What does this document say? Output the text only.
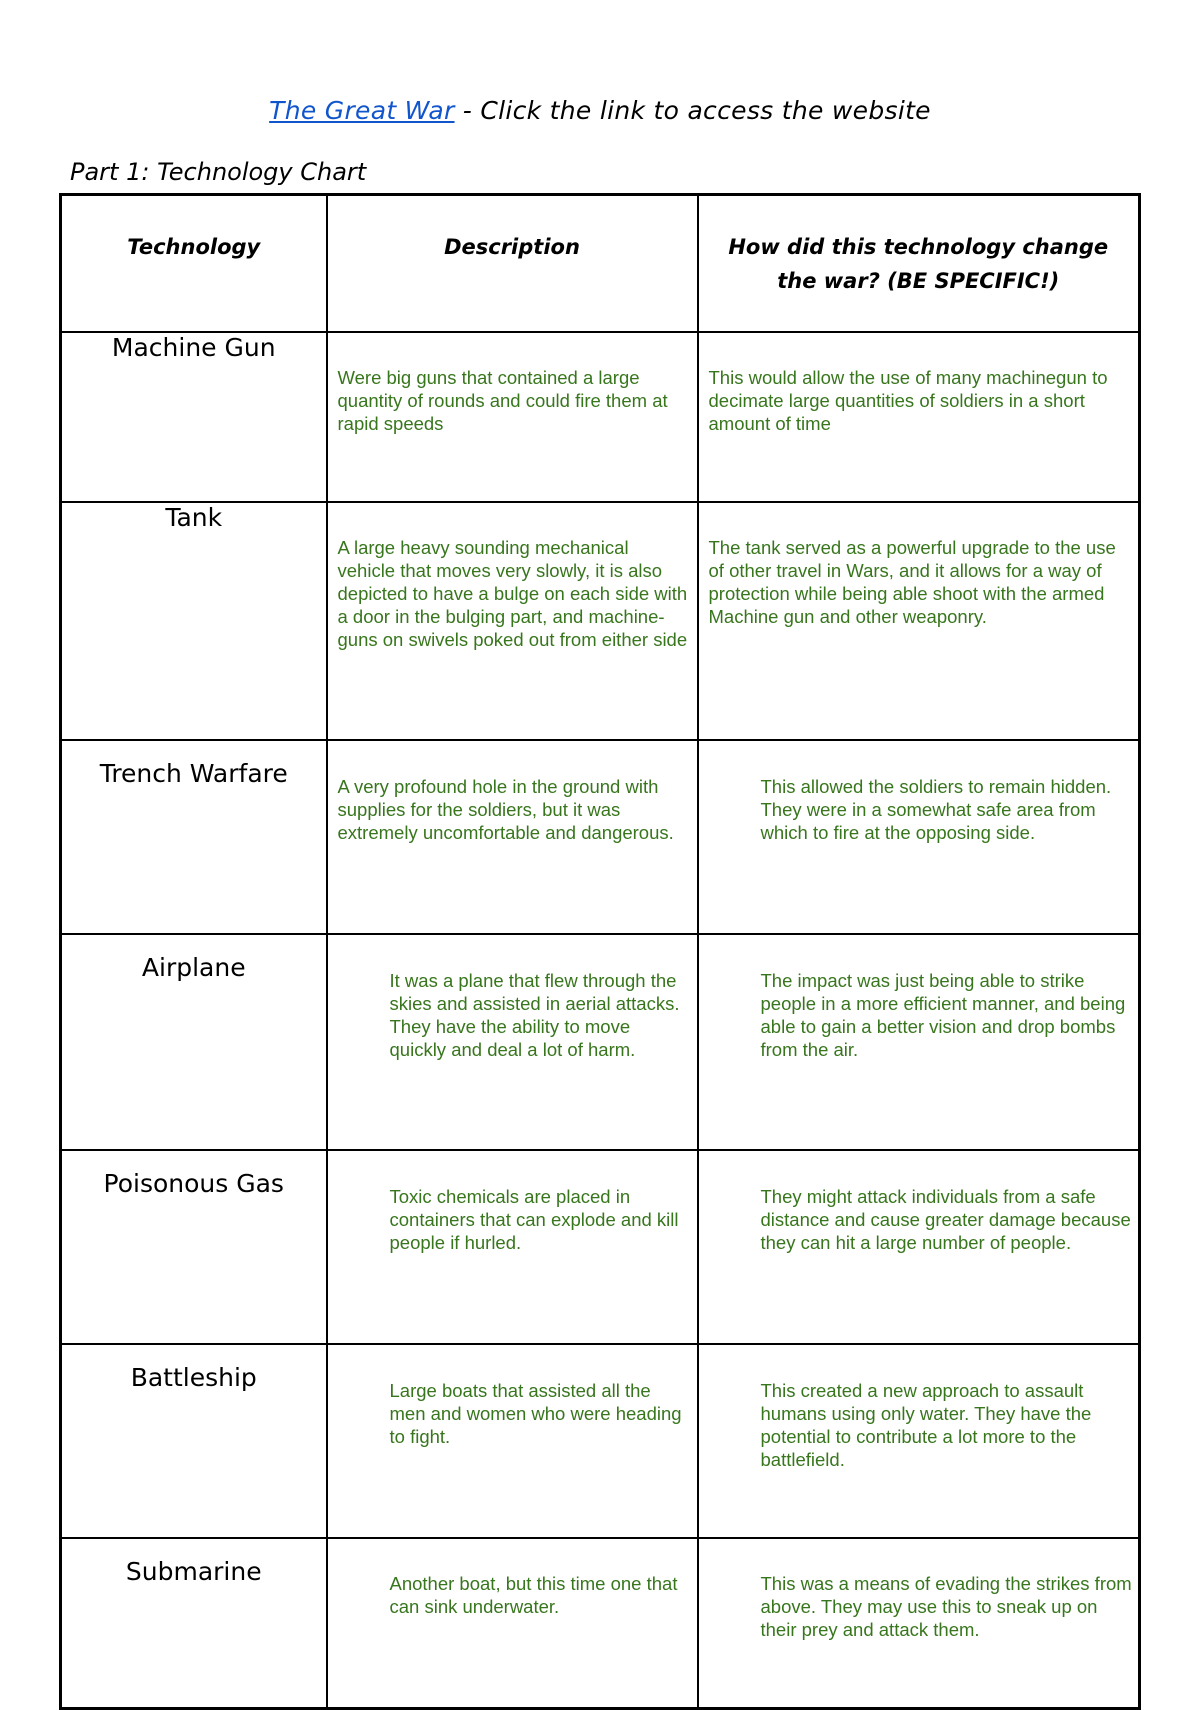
The Great War - Click the link to access the website
Part 1: Technology Chart
Technology	Description	How did this technology change the war? (BE SPECIFIC!)
Machine Gun	Were big guns that contained a large quantity of rounds and could fire them at rapid speeds	This would allow the use of many machinegun to decimate large quantities of soldiers in a short amount of time
Tank	A large heavy sounding mechanical vehicle that moves very slowly, it is also depicted to have a bulge on each side with a door in the bulging part, and machine-guns on swivels poked out from either side	The tank served as a powerful upgrade to the use of other travel in Wars, and it allows for a way of protection while being able shoot with the armed Machine gun and other weaponry.
Trench Warfare	A very profound hole in the ground with supplies for the soldiers, but it was extremely uncomfortable and dangerous.	This allowed the soldiers to remain hidden. They were in a somewhat safe area from which to fire at the opposing side.
Airplane	It was a plane that flew through the skies and assisted in aerial attacks. They have the ability to move quickly and deal a lot of harm.	The impact was just being able to strike people in a more efficient manner, and being able to gain a better vision and drop bombs from the air.
Poisonous Gas	Toxic chemicals are placed in containers that can explode and kill people if hurled.	They might attack individuals from a safe distance and cause greater damage because they can hit a large number of people.
Battleship	Large boats that assisted all the men and women who were heading to fight.	This created a new approach to assault humans using only water. They have the potential to contribute a lot more to the battlefield.
Submarine	Another boat, but this time one that can sink underwater.	This was a means of evading the strikes from above. They may use this to sneak up on their prey and attack them.
